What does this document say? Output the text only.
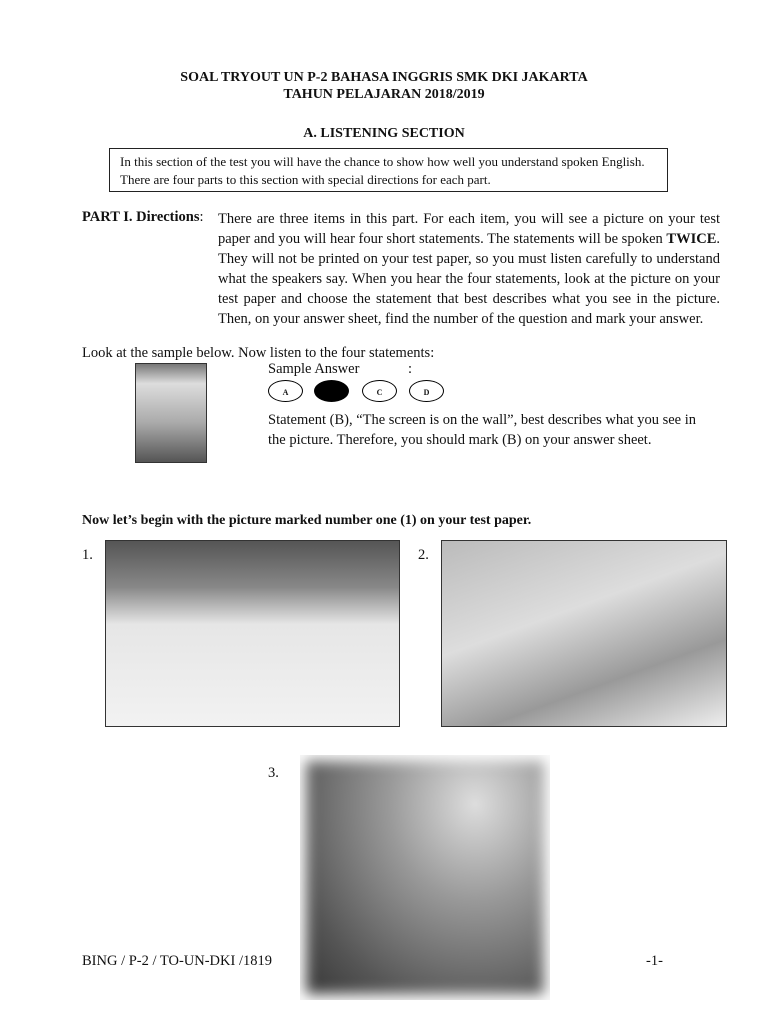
SOAL TRYOUT UN P-2 BAHASA INGGRIS SMK DKI JAKARTA
TAHUN PELAJARAN 2018/2019
A. LISTENING SECTION
In this section of the test you will have the chance to show how well you understand spoken English. There are four parts to this section with special directions for each part.
PART I. Directions: There are three items in this part. For each item, you will see a picture on your test paper and you will hear four short statements. The statements will be spoken TWICE. They will not be printed on your test paper, so you must listen carefully to understand what the speakers say. When you hear the four statements, look at the picture on your test paper and choose the statement that best describes what you see in the picture. Then, on your answer sheet, find the number of the question and mark your answer.
Look at the sample below. Now listen to the four statements:
Sample Answer	:
A	B	C	D
Statement (B), “The screen is on the wall”, best describes what you see in the picture. Therefore, you should mark (B) on your answer sheet.
Now let’s begin with the picture marked number one (1) on your test paper.
1.	2.
3.
BING / P-2 / TO-UN-DKI /1819	-1-
